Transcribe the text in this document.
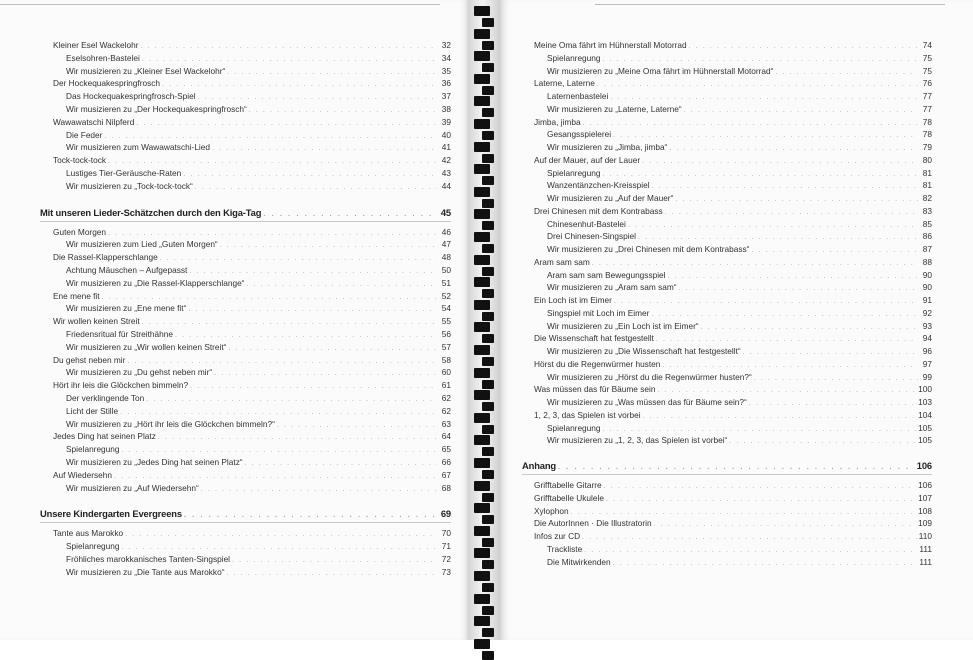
Kleiner Esel Wackelohr . . .	32
Eselsohren-Bastelei . . .	34
Wir musizieren zu „Kleiner Esel Wackelohr“ . . .	35
Der Hockequakespringfrosch . . .	36
Das Hockequakespringfrosch-Spiel . . .	37
Wir musizieren zu „Der Hockequakespringfrosch“ . . .	38
Wawawatschi Nilpferd . . .	39
Die Feder . . .	40
Wir musizieren zum Wawawatschi-Lied . . .	41
Tock-tock-tock . . .	42
Lustiges Tier-Geräusche-Raten . . .	43
Wir musizieren zu „Tock-tock-tock“ . . .	44
Mit unseren Lieder-Schätzchen durch den Kiga-Tag . . .	45
Guten Morgen . . .	46
Wir musizieren zum Lied „Guten Morgen“ . . .	47
Die Rassel-Klapperschlange . . .	48
Achtung Mäuschen – Aufgepasst . . .	50
Wir musizieren zu „Die Rassel-Klapperschlange“ . . .	51
Ene mene fit . . .	52
Wir musizieren zu „Ene mene fit“ . . .	54
Wir wollen keinen Streit . . .	55
Friedensritual für Streithähne . . .	56
Wir musizieren zu „Wir wollen keinen Streit“ . . .	57
Du gehst neben mir . . .	58
Wir musizieren zu „Du gehst neben mir“ . . .	60
Hört ihr leis die Glöckchen bimmeln? . . .	61
Der verklingende Ton . . .	62
Licht der Stille . . .	62
Wir musizieren zu „Hört ihr leis die Glöckchen bimmeln?“ . . .	63
Jedes Ding hat seinen Platz . . .	64
Spielanregung . . .	65
Wir musizieren zu „Jedes Ding hat seinen Platz“ . . .	66
Auf Wiedersehn . . .	67
Wir musizieren zu „Auf Wiedersehn“ . . .	68
Unsere Kindergarten Evergreens . . .	69
Tante aus Marokko . . .	70
Spielanregung . . .	71
Fröhliches marokkanisches Tanten-Singspiel . . .	72
Wir musizieren zu „Die Tante aus Marokko“ . . .	73
Meine Oma fährt im Hühnerstall Motorrad . . .	74
Spielanregung . . .	75
Wir musizieren zu „Meine Oma fährt im Hühnerstall Motorrad“ . . .	75
Laterne, Laterne . . .	76
Laternenbastelei . . .	77
Wir musizieren zu „Laterne, Laterne“ . . .	77
Jimba, jimba . . .	78
Gesangsspielerei . . .	78
Wir musizieren zu „Jimba, jimba“ . . .	79
Auf der Mauer, auf der Lauer . . .	80
Spielanregung . . .	81
Wanzentänzchen-Kreisspiel . . .	81
Wir musizieren zu „Auf der Mauer“ . . .	82
Drei Chinesen mit dem Kontrabass . . .	83
Chinesenhut-Bastelei . . .	85
Drei Chinesen-Singspiel . . .	86
Wir musizieren zu „Drei Chinesen mit dem Kontrabass“ . . .	87
Aram sam sam . . .	88
Aram sam sam Bewegungsspiel . . .	90
Wir musizieren zu „Aram sam sam“ . . .	90
Ein Loch ist im Eimer . . .	91
Singspiel mit Loch im Eimer . . .	92
Wir musizieren zu „Ein Loch ist im Eimer“ . . .	93
Die Wissenschaft hat festgestellt . . .	94
Wir musizieren zu „Die Wissenschaft hat festgestellt“ . . .	96
Hörst du die Regenwürmer husten . . .	97
Wir musizieren zu „Hörst du die Regenwürmer husten?“ . . .	99
Was müssen das für Bäume sein . . .	100
Wir musizieren zu „Was müssen das für Bäume sein?“ . . .	103
1, 2, 3, das Spielen ist vorbei . . .	104
Spielanregung . . .	105
Wir musizieren zu „1, 2, 3, das Spielen ist vorbei“ . . .	105
Anhang . . .	106
Grifftabelle Gitarre . . .	106
Grifftabelle Ukulele . . .	107
Xylophon . . .	108
Die AutorInnen · Die Illustratorin . . .	109
Infos zur CD . . .	110
Trackliste . . .	111
Die Mitwirkenden . . .	111
